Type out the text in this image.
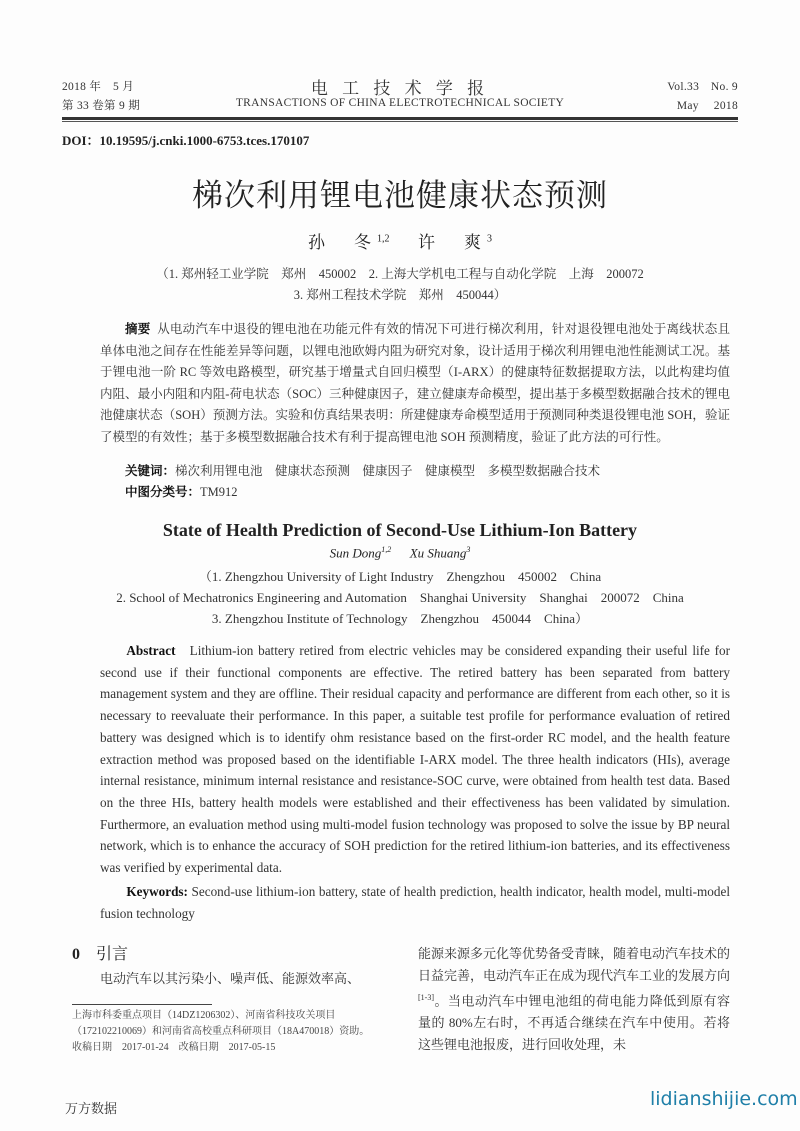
2018 年　5 月
第 33 卷第 9 期
电 工 技 术 学 报
TRANSACTIONS OF CHINA ELECTROTECHNICAL SOCIETY
Vol.33　No. 9
May　 2018
DOI：10.19595/j.cnki.1000-6753.tces.170107
梯次利用锂电池健康状态预测
孙　冬$^{1,2}$ 许　爽$^3$
（1. 郑州轻工业学院　郑州　450002　2. 上海大学机电工程与自动化学院　上海　200072
3. 郑州工程技术学院　郑州　450044）
摘要 从电动汽车中退役的锂电池在功能元件有效的情况下可进行梯次利用，针对退役锂电池处于离线状态且单体电池之间存在性能差异等问题，以锂电池欧姆内阻为研究对象，设计适用于梯次利用锂电池性能测试工况。基于锂电池一阶 RC 等效电路模型，研究基于增量式自回归模型（I-ARX）的健康特征数据提取方法，以此构建均值内阻、最小内阻和内阻-荷电状态（SOC）三种健康因子，建立健康寿命模型，提出基于多模型数据融合技术的锂电池健康状态（SOH）预测方法。实验和仿真结果表明：所建健康寿命模型适用于预测同种类退役锂电池 SOH，验证了模型的有效性；基于多模型数据融合技术有利于提高锂电池 SOH 预测精度，验证了此方法的可行性。
关键词：梯次利用锂电池　健康状态预测　健康因子　健康模型　多模型数据融合技术
中图分类号：TM912
State of Health Prediction of Second-Use Lithium-Ion Battery
Sun Dong$^{1,2}$ Xu Shuang$^3$
（1. Zhengzhou University of Light Industry　Zhengzhou　450002　China
2. School of Mechatronics Engineering and Automation　Shanghai University　Shanghai　200072　China
3. Zhengzhou Institute of Technology　Zhengzhou　450044　China）
Abstract Lithium-ion battery retired from electric vehicles may be considered expanding their useful life for second use if their functional components are effective. The retired battery has been separated from battery management system and they are offline. Their residual capacity and performance are different from each other, so it is necessary to reevaluate their performance. In this paper, a suitable test profile for performance evaluation of retired battery was designed which is to identify ohm resistance based on the first-order RC model, and the health feature extraction method was proposed based on the identifiable I-ARX model. The three health indicators (HIs), average internal resistance, minimum internal resistance and resistance-SOC curve, were obtained from health test data. Based on the three HIs, battery health models were established and their effectiveness has been validated by simulation. Furthermore, an evaluation method using multi-model fusion technology was proposed to solve the issue by BP neural network, which is to enhance the accuracy of SOH prediction for the retired lithium-ion batteries, and its effectiveness was verified by experimental data.
Keywords: Second-use lithium-ion battery, state of health prediction, health indicator, health model, multi-model fusion technology
0 引言
电动汽车以其污染小、噪声低、能源效率高、
能源来源多元化等优势备受青睐，随着电动汽车技术的日益完善，电动汽车正在成为现代汽车工业的发展方向[1-3]。当电动汽车中锂电池组的荷电能力降低到原有容量的 80%左右时，不再适合继续在汽车中使用。若将这些锂电池报废，进行回收处理，未
上海市科委重点项目（14DZ1206302）、河南省科技攻关项目
（172102210069）和河南省高校重点科研项目（18A470018）资助。
收稿日期　2017-01-24　改稿日期　2017-05-15
万方数据	lidianshijie.com
